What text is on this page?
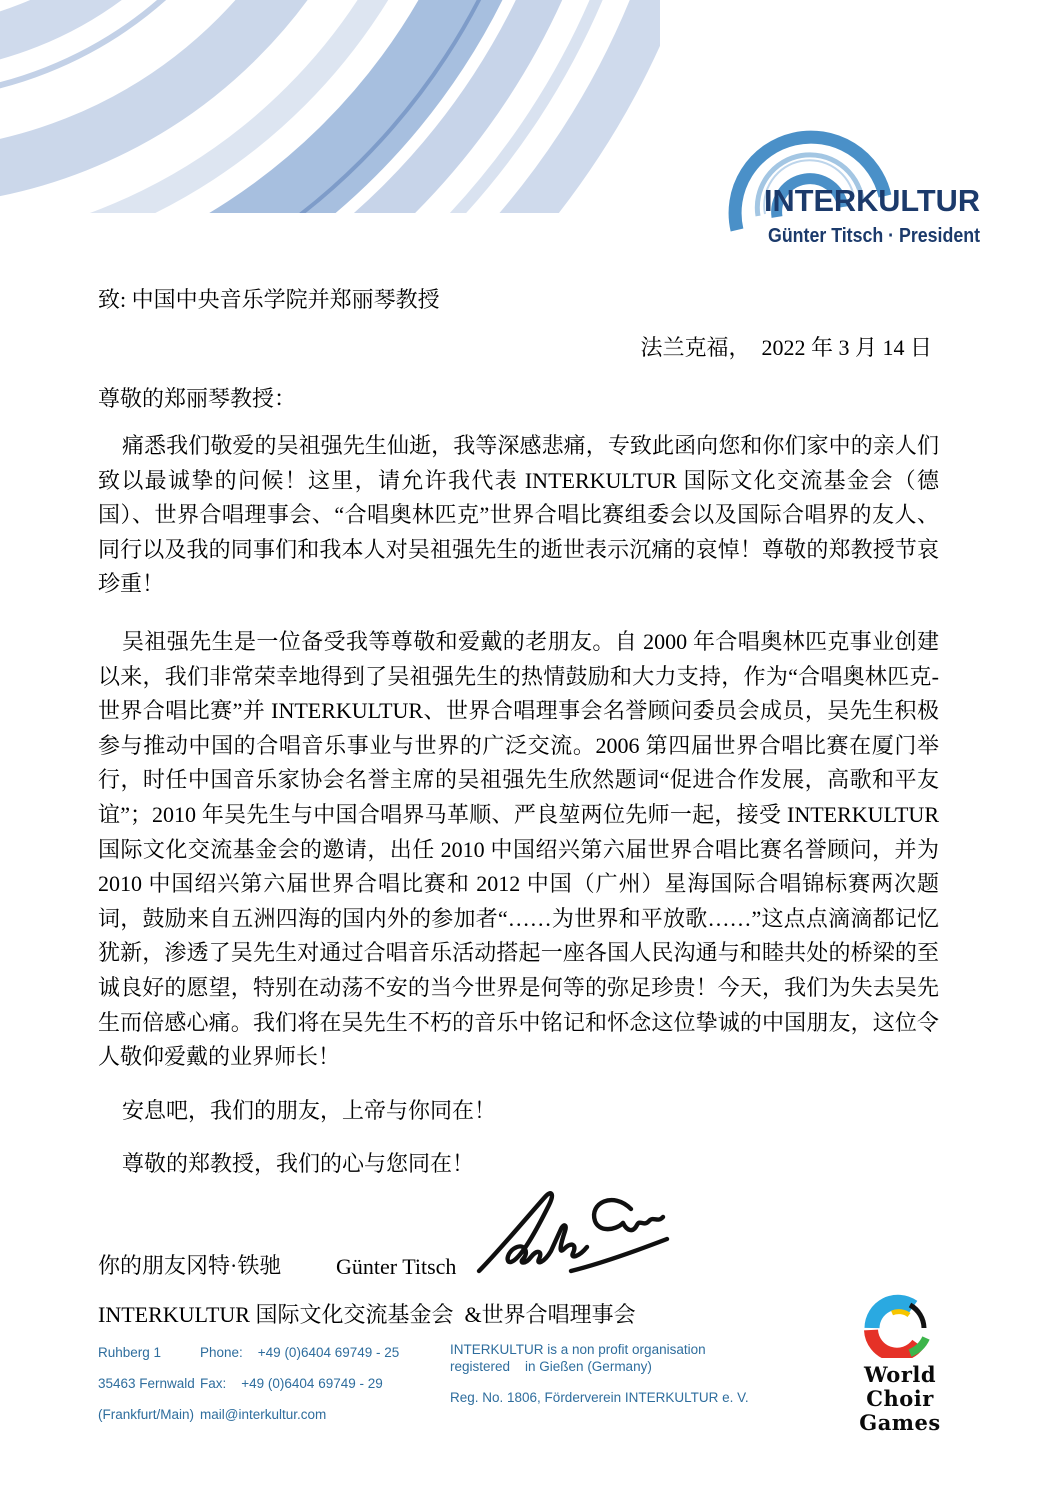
INTERKULTUR
Günter Titsch · President
致: 中国中央音乐学院并郑丽琴教授
法兰克福，  2022 年 3 月 14 日
尊敬的郑丽琴教授：
痛悉我们敬爱的吴祖强先生仙逝，我等深感悲痛，专致此函向您和你们家中的亲人们致以最诚挚的问候！这里，请允许我代表 INTERKULTUR 国际文化交流基金会（德国）、世界合唱理事会、“合唱奥林匹克”世界合唱比赛组委会以及国际合唱界的友人、同行以及我的同事们和我本人对吴祖强先生的逝世表示沉痛的哀悼！尊敬的郑教授节哀珍重！
吴祖强先生是一位备受我等尊敬和爱戴的老朋友。自 2000 年合唱奥林匹克事业创建以来，我们非常荣幸地得到了吴祖强先生的热情鼓励和大力支持，作为“合唱奥林匹克-世界合唱比赛”并 INTERKULTUR、世界合唱理事会名誉顾问委员会成员，吴先生积极参与推动中国的合唱音乐事业与世界的广泛交流。2006 第四届世界合唱比赛在厦门举行，时任中国音乐家协会名誉主席的吴祖强先生欣然题词“促进合作发展，高歌和平友谊”；2010 年吴先生与中国合唱界马革顺、严良堃两位先师一起，接受 INTERKULTUR 国际文化交流基金会的邀请，出任 2010 中国绍兴第六届世界合唱比赛名誉顾问，并为 2010 中国绍兴第六届世界合唱比赛和 2012 中国（广州）星海国际合唱锦标赛两次题词，鼓励来自五洲四海的国内外的参加者“……为世界和平放歌……”这点点滴滴都记忆犹新，渗透了吴先生对通过合唱音乐活动搭起一座各国人民沟通与和睦共处的桥梁的至诚良好的愿望，特别在动荡不安的当今世界是何等的弥足珍贵！今天，我们为失去吴先生而倍感心痛。我们将在吴先生不朽的音乐中铭记和怀念这位挚诚的中国朋友，这位令人敬仰爱戴的业界师长！
安息吧，我们的朋友，上帝与你同在！
尊敬的郑教授，我们的心与您同在！
你的朋友冈特·铁驰 Günter Titsch
INTERKULTUR 国际文化交流基金会  &世界合唱理事会
Ruhberg 1
35463 Fernwald
(Frankfurt/Main)
Phone:    +49 (0)6404 69749 - 25
Fax:    +49 (0)6404 69749 - 29
mail@interkultur.com
INTERKULTUR is a non profit organisation
registered    in Gießen (Germany)
Reg. No. 1806, Förderverein INTERKULTUR e. V.
World
Choir Games
